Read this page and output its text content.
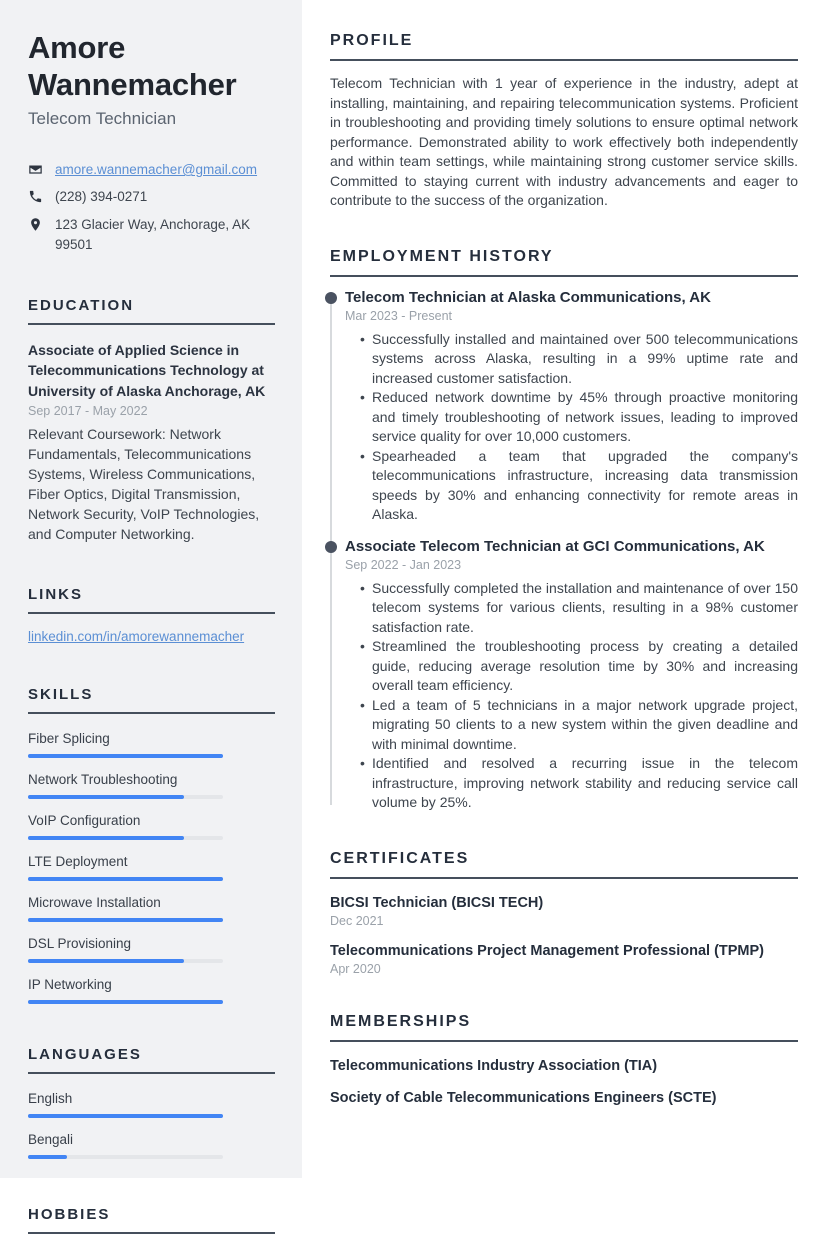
Amore Wannemacher
Telecom Technician
amore.wannemacher@gmail.com
(228) 394-0271
123 Glacier Way, Anchorage, AK 99501
EDUCATION
Associate of Applied Science in Telecommunications Technology at University of Alaska Anchorage, AK
Sep 2017 - May 2022
Relevant Coursework: Network Fundamentals, Telecommunications Systems, Wireless Communications, Fiber Optics, Digital Transmission, Network Security, VoIP Technologies, and Computer Networking.
LINKS
linkedin.com/in/amorewannemacher
SKILLS
Fiber Splicing
Network Troubleshooting
VoIP Configuration
LTE Deployment
Microwave Installation
DSL Provisioning
IP Networking
LANGUAGES
English
Bengali
HOBBIES
PROFILE

Telecom Technician with 1 year of experience in the industry, adept at installing, maintaining, and repairing telecommunication systems. Proficient in troubleshooting and providing timely solutions to ensure optimal network performance. Demonstrated ability to work effectively both independently and within team settings, while maintaining strong customer service skills. Committed to staying current with industry advancements and eager to contribute to the success of the organization.

EMPLOYMENT HISTORY
Telecom Technician at Alaska Communications, AK
Mar 2023 - Present
• Successfully installed and maintained over 500 telecommunications systems across Alaska, resulting in a 99% uptime rate and increased customer satisfaction.
• Reduced network downtime by 45% through proactive monitoring and timely troubleshooting of network issues, leading to improved service quality for over 10,000 customers.
• Spearheaded a team that upgraded the company's telecommunications infrastructure, increasing data transmission speeds by 30% and enhancing connectivity for remote areas in Alaska.
Associate Telecom Technician at GCI Communications, AK
Sep 2022 - Jan 2023
• Successfully completed the installation and maintenance of over 150 telecom systems for various clients, resulting in a 98% customer satisfaction rate.
• Streamlined the troubleshooting process by creating a detailed guide, reducing average resolution time by 30% and increasing overall team efficiency.
• Led a team of 5 technicians in a major network upgrade project, migrating 50 clients to a new system within the given deadline and with minimal downtime.
• Identified and resolved a recurring issue in the telecom infrastructure, improving network stability and reducing service call volume by 25%.
CERTIFICATES
BICSI Technician (BICSI TECH)
Dec 2021
Telecommunications Project Management Professional (TPMP)
Apr 2020
MEMBERSHIPS
Telecommunications Industry Association (TIA)
Society of Cable Telecommunications Engineers (SCTE)
